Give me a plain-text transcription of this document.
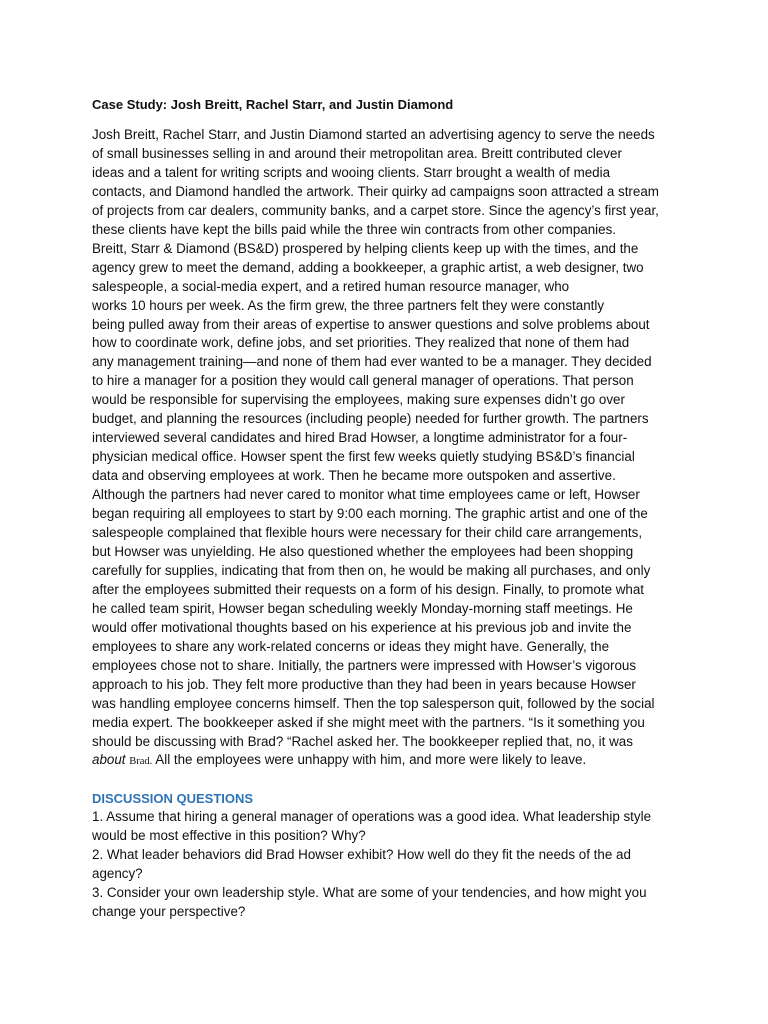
Case Study: Josh Breitt, Rachel Starr, and Justin Diamond
Josh Breitt, Rachel Starr, and Justin Diamond started an advertising agency to serve the needs
of small businesses selling in and around their metropolitan area. Breitt contributed clever
ideas and a talent for writing scripts and wooing clients. Starr brought a wealth of media
contacts, and Diamond handled the artwork. Their quirky ad campaigns soon attracted a stream
of projects from car dealers, community banks, and a carpet store. Since the agency’s first year,
these clients have kept the bills paid while the three win contracts from other companies.
Breitt, Starr & Diamond (BS&D) prospered by helping clients keep up with the times, and the
agency grew to meet the demand, adding a bookkeeper, a graphic artist, a web designer, two
salespeople, a social-media expert, and a retired human resource manager, who
works 10 hours per week. As the firm grew, the three partners felt they were constantly
being pulled away from their areas of expertise to answer questions and solve problems about
how to coordinate work, define jobs, and set priorities. They realized that none of them had
any management training—and none of them had ever wanted to be a manager. They decided
to hire a manager for a position they would call general manager of operations. That person
would be responsible for supervising the employees, making sure expenses didn’t go over
budget, and planning the resources (including people) needed for further growth. The partners
interviewed several candidates and hired Brad Howser, a longtime administrator for a four-
physician medical office. Howser spent the first few weeks quietly studying BS&D’s financial
data and observing employees at work. Then he became more outspoken and assertive.
Although the partners had never cared to monitor what time employees came or left, Howser
began requiring all employees to start by 9:00 each morning. The graphic artist and one of the
salespeople complained that flexible hours were necessary for their child care arrangements,
but Howser was unyielding. He also questioned whether the employees had been shopping
carefully for supplies, indicating that from then on, he would be making all purchases, and only
after the employees submitted their requests on a form of his design. Finally, to promote what
he called team spirit, Howser began scheduling weekly Monday-morning staff meetings. He
would offer motivational thoughts based on his experience at his previous job and invite the
employees to share any work-related concerns or ideas they might have. Generally, the
employees chose not to share. Initially, the partners were impressed with Howser’s vigorous
approach to his job. They felt more productive than they had been in years because Howser
was handling employee concerns himself. Then the top salesperson quit, followed by the social
media expert. The bookkeeper asked if she might meet with the partners. “Is it something you
should be discussing with Brad? “Rachel asked her. The bookkeeper replied that, no, it was
about Brad. All the employees were unhappy with him, and more were likely to leave.
DISCUSSION QUESTIONS
1. Assume that hiring a general manager of operations was a good idea. What leadership style
would be most effective in this position? Why?
2. What leader behaviors did Brad Howser exhibit? How well do they fit the needs of the ad
agency?
3. Consider your own leadership style. What are some of your tendencies, and how might you
change your perspective?
